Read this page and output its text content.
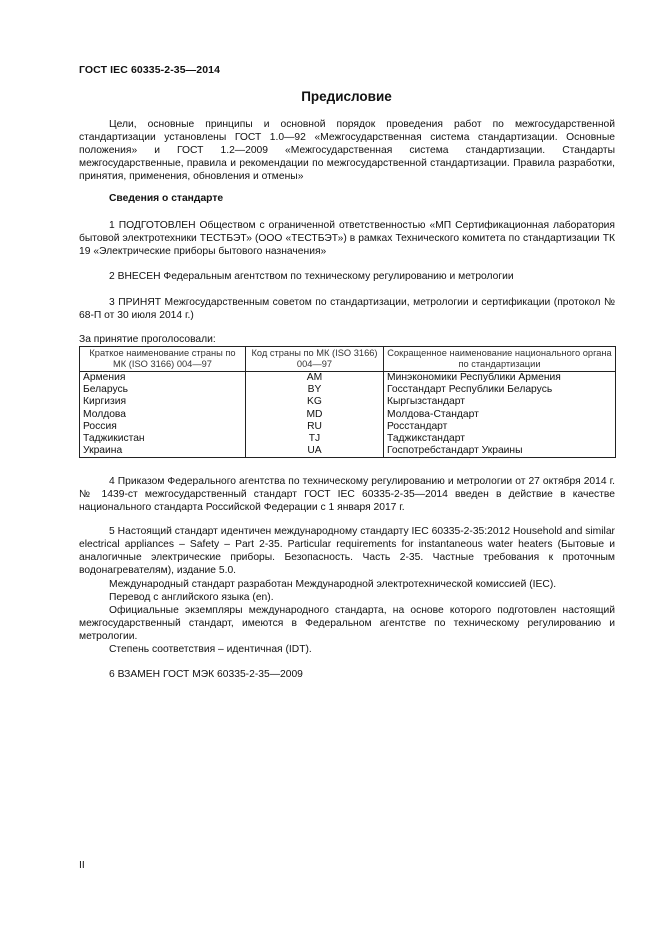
ГОСТ IEC 60335-2-35—2014
Предисловие
Цели, основные принципы и основной порядок проведения работ по межгосударственной стандартизации установлены ГОСТ 1.0—92 «Межгосударственная система стандартизации. Основные положения» и ГОСТ 1.2—2009 «Межгосударственная система стандартизации. Стандарты межгосударственные, правила и рекомендации по межгосударственной стандартизации. Правила разработки, принятия, применения, обновления и отмены»
Сведения о стандарте
1 ПОДГОТОВЛЕН Обществом с ограниченной ответственностью «МП Сертификационная лаборатория бытовой электротехники ТЕСТБЭТ» (ООО «ТЕСТБЭТ») в рамках Технического комитета по стандартизации ТК 19 «Электрические приборы бытового назначения»
2 ВНЕСЕН Федеральным агентством по техническому регулированию и метрологии
3 ПРИНЯТ Межгосударственным советом по стандартизации, метрологии и сертификации (протокол № 68-П от 30 июля 2014 г.)
За принятие проголосовали:
Краткое наименование страны по МК (ISO 3166) 004—97	Код страны по МК (ISO 3166) 004—97	Сокращенное наименование национального органа по стандартизации
Армения	AM	Минэкономики Республики Армения
Беларусь	BY	Госстандарт Республики Беларусь
Киргизия	KG	Кыргызстандарт
Молдова	MD	Молдова-Стандарт
Россия	RU	Росстандарт
Таджикистан	TJ	Таджикстандарт
Украина	UA	Госпотребстандарт Украины
4 Приказом Федерального агентства по техническому регулированию и метрологии от 27 октября 2014 г. № 1439-ст межгосударственный стандарт ГОСТ IEC 60335-2-35—2014 введен в действие в качестве национального стандарта Российской Федерации с 1 января 2017 г.
5 Настоящий стандарт идентичен международному стандарту IEC 60335-2-35:2012 Household and similar electrical appliances – Safety – Part 2-35. Particular requirements for instantaneous water heaters (Бытовые и аналогичные электрические приборы. Безопасность. Часть 2-35. Частные требования к проточным водонагревателям), издание 5.0.
Международный стандарт разработан Международной электротехнической комиссией (IEC).
Перевод с английского языка (en).
Официальные экземпляры международного стандарта, на основе которого подготовлен настоящий межгосударственный стандарт, имеются в Федеральном агентстве по техническому регулированию и метрологии.
Степень соответствия – идентичная (IDT).
6 ВЗАМЕН ГОСТ МЭК 60335-2-35—2009
II
